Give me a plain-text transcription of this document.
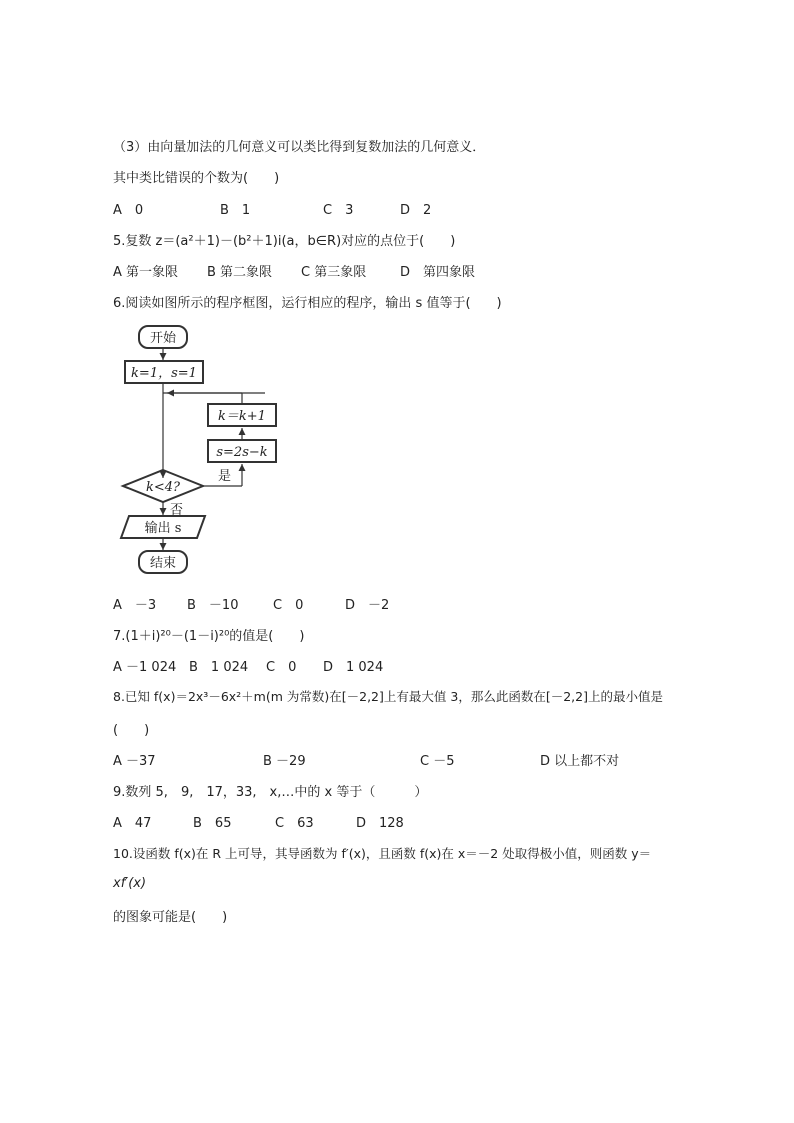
（3）由向量加法的几何意义可以类比得到复数加法的几何意义．
其中类比错误的个数为(　　)
A　0	B　1	C　3	D　2
5.复数 z＝(a²＋1)－(b²＋1)i(a，b∈R)对应的点位于(　　)
A 第一象限 B 第二象限 C 第三象限	D　第四象限
6.阅读如图所示的程序框图，运行相应的程序，输出 s 值等于(　　)
开始
k=1，s=1
k＝k+1
s=2s−k
k<4?
是
否
输出 s
结束
A　－3 B　－10	C　0	D　－2
7.(1＋i)²⁰－(1－i)²⁰的值是(　　)
A －1 024 B　1 024 C　0 D　1 024
8.已知 f(x)＝2x³－6x²＋m(m 为常数)在[－2,2]上有最大值 3，那么此函数在[－2,2]上的最小值是
(　　)
A －37	B －29	C －5	D 以上都不对
9.数列 5,　9,　17，33,　x,…中的 x 等于（　　　）
A　47	B　65	C　63	D　128
10.设函数 f(x)在 R 上可导，其导函数为 f′(x)，且函数 f(x)在 x＝－2 处取得极小值，则函数 y＝
xf′(x)
的图象可能是(　　)
